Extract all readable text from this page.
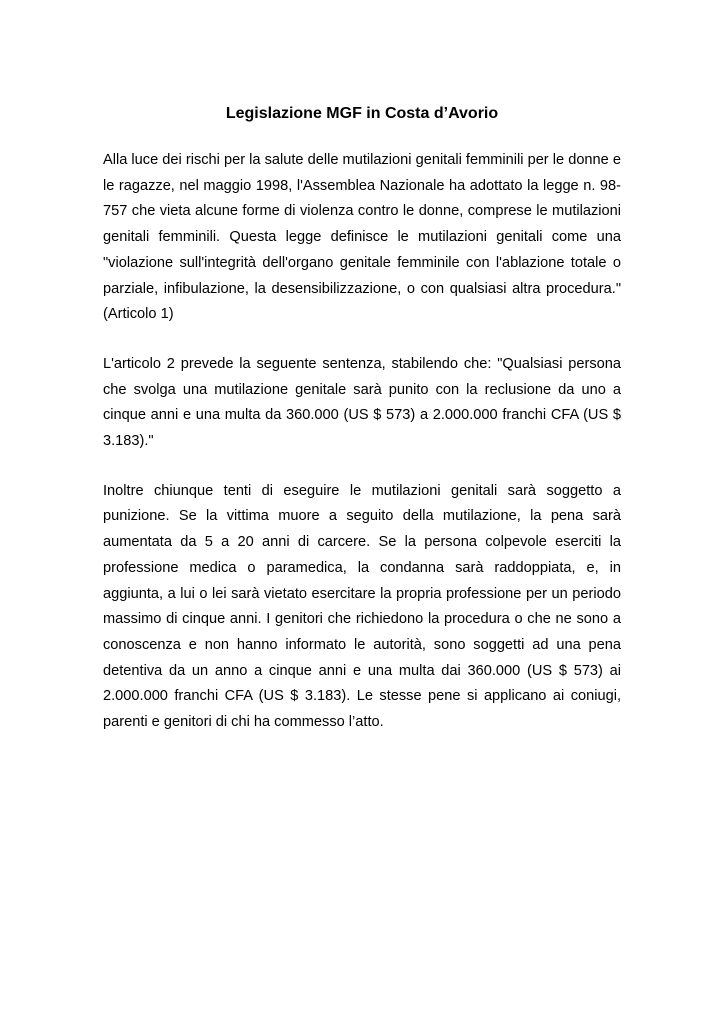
Legislazione MGF in Costa d’Avorio

Alla luce dei rischi per la salute delle mutilazioni genitali femminili per le donne e le ragazze, nel maggio 1998, l'Assemblea Nazionale ha adottato la legge n. 98-757 che vieta alcune forme di violenza contro le donne, comprese le mutilazioni genitali femminili. Questa legge definisce le mutilazioni genitali come una "violazione sull'integrità dell'organo genitale femminile con l'ablazione totale o parziale, infibulazione, la desensibilizzazione, o con qualsiasi altra procedura." (Articolo 1)

L'articolo 2 prevede la seguente sentenza, stabilendo che: "Qualsiasi persona che svolga una mutilazione genitale sarà punito con la reclusione da uno a cinque anni e una multa da 360.000 (US $ 573) a 2.000.000 franchi CFA (US $ 3.183)."

Inoltre chiunque tenti di eseguire le mutilazioni genitali sarà soggetto a punizione. Se la vittima muore a seguito della mutilazione, la pena sarà aumentata da 5 a 20 anni di carcere. Se la persona colpevole eserciti la professione medica o paramedica, la condanna sarà raddoppiata, e, in aggiunta, a lui o lei sarà vietato esercitare la propria professione per un periodo massimo di cinque anni. I genitori che richiedono la procedura o che ne sono a conoscenza e non hanno informato le autorità, sono soggetti ad una pena detentiva da un anno a cinque anni e una multa dai 360.000 (US $ 573) ai 2.000.000 franchi CFA (US $ 3.183). Le stesse pene si applicano ai coniugi, parenti e genitori di chi ha commesso l’atto.
